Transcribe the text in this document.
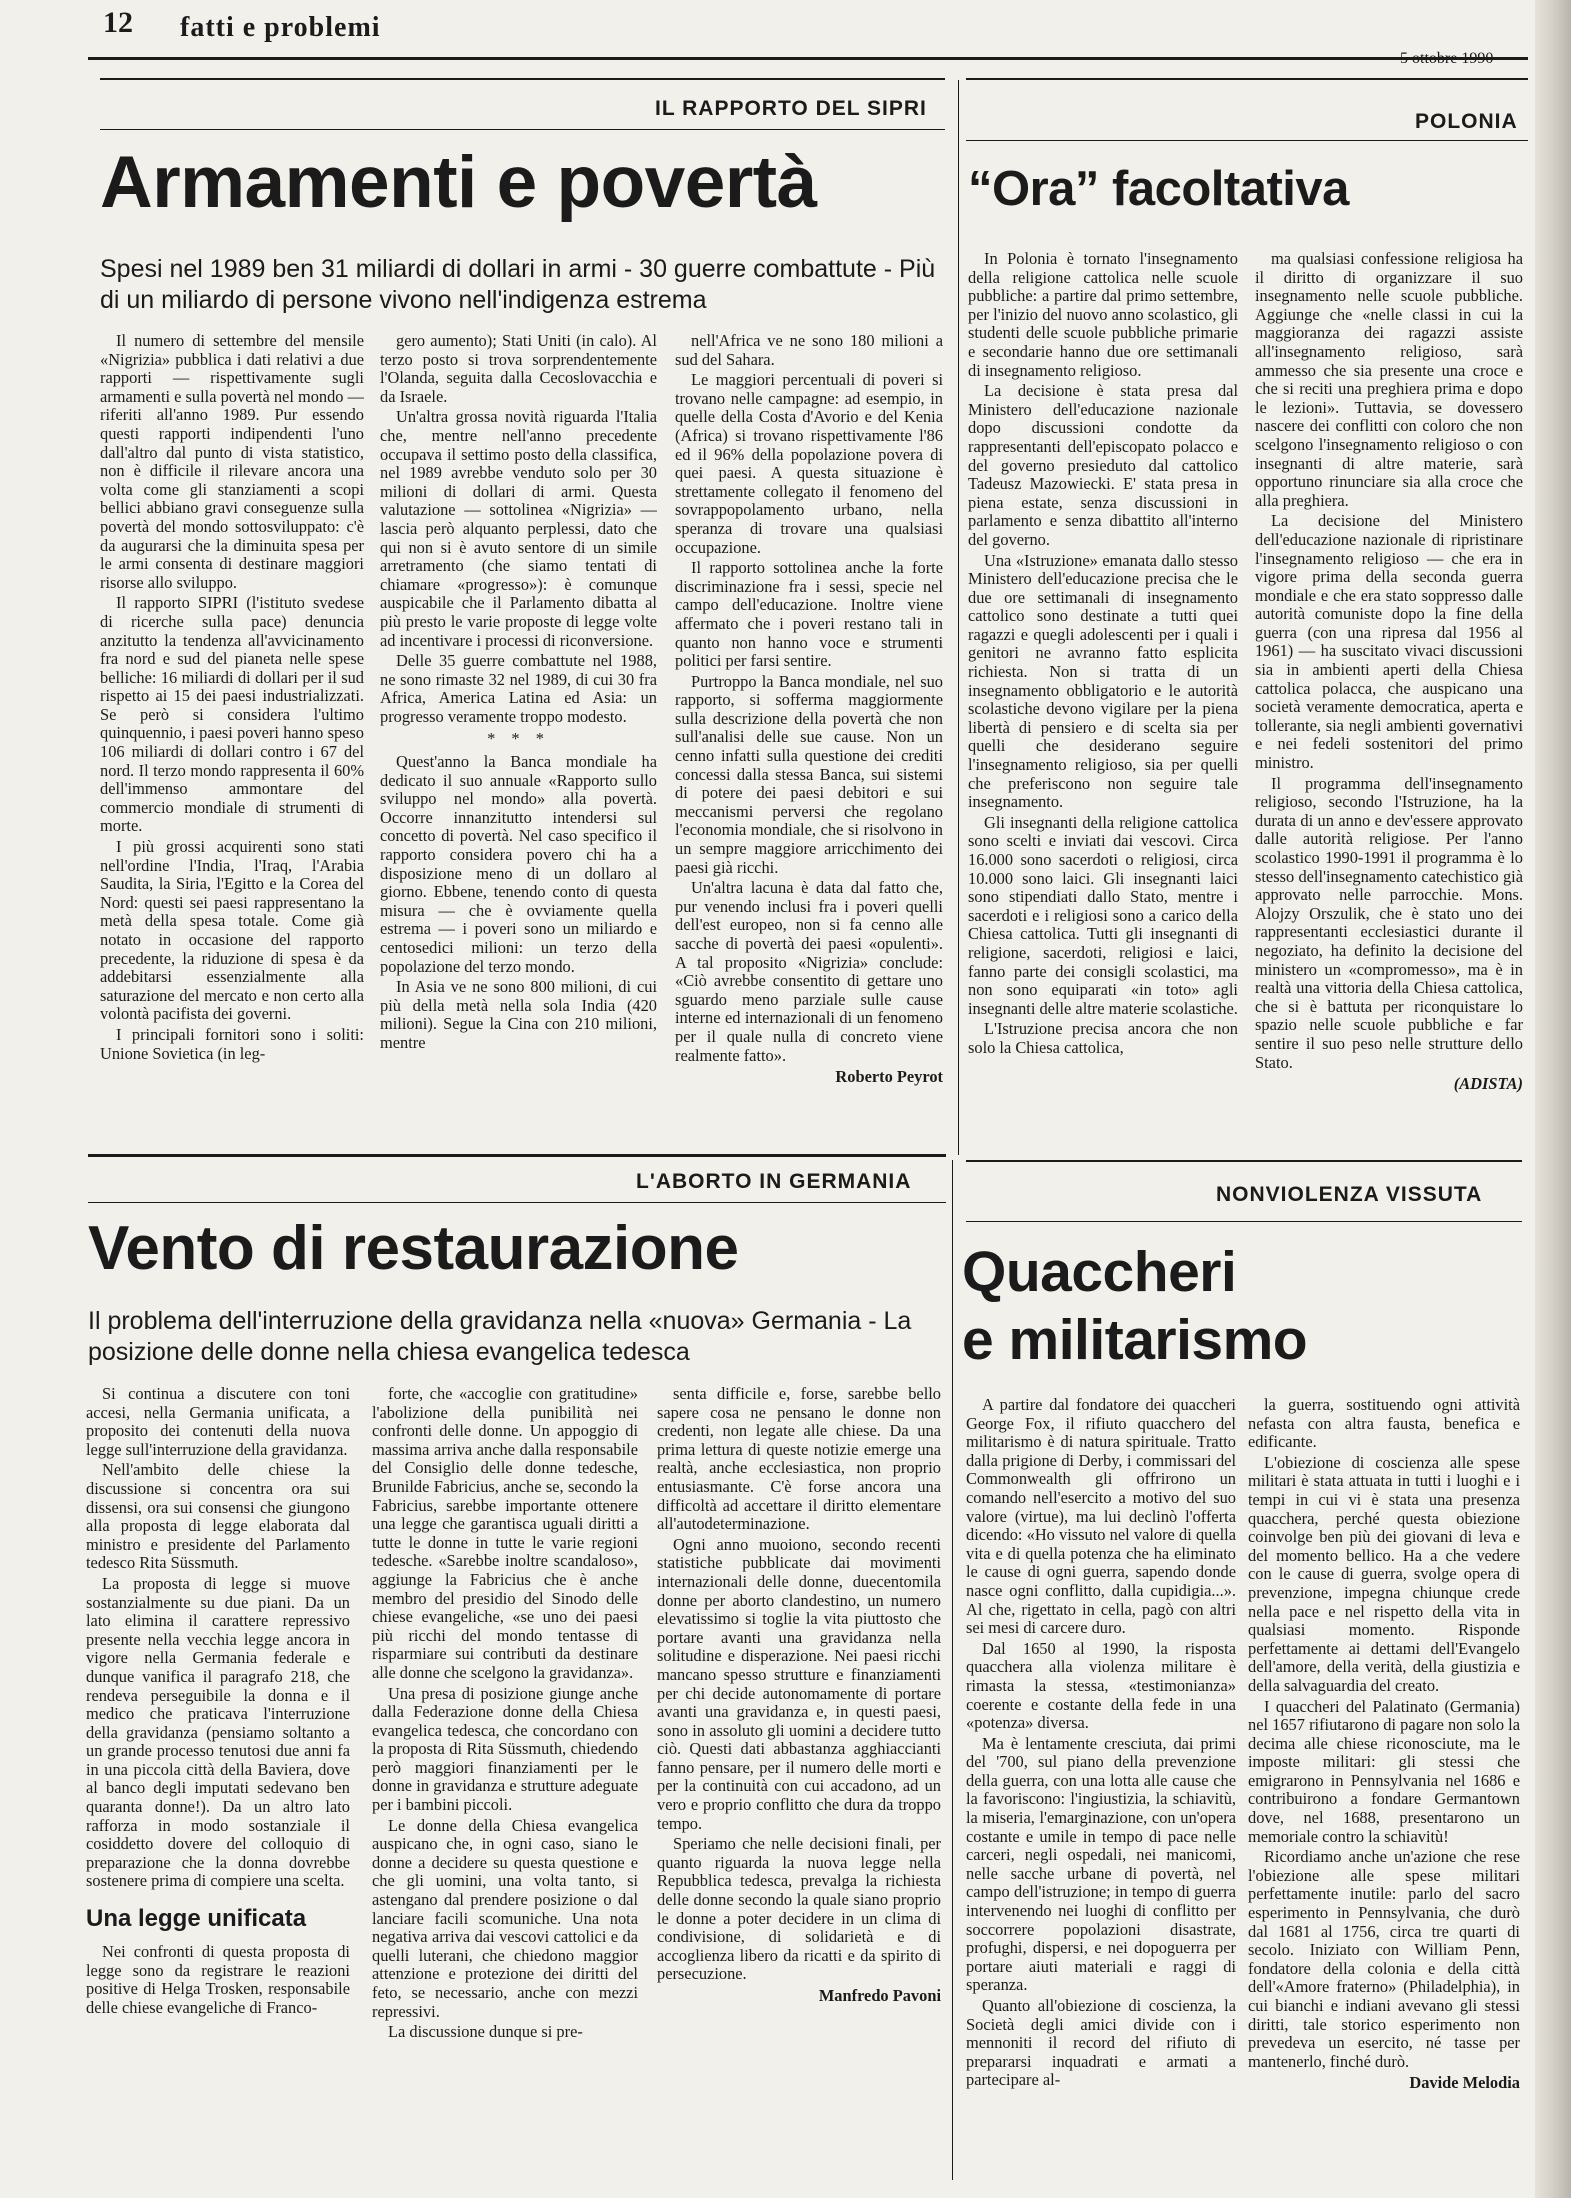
12 fatti e problemi
5 ottobre 1990
IL RAPPORTO DEL SIPRI
Armamenti e povertà
Spesi nel 1989 ben 31 miliardi di dollari in armi - 30 guerre combattute - Più di un miliardo di persone vivono nell'indigenza estrema

Il numero di settembre del mensile «Nigrizia» pubblica i dati relativi a due rapporti — rispettivamente sugli armamenti e sulla povertà nel mondo — riferiti all'anno 1989. Pur essendo questi rapporti indipendenti l'uno dall'altro dal punto di vista statistico, non è difficile il rilevare ancora una volta come gli stanziamenti a scopi bellici abbiano gravi conseguenze sulla povertà del mondo sottosviluppato: c'è da augurarsi che la diminuita spesa per le armi consenta di destinare maggiori risorse allo sviluppo.

Il rapporto SIPRI (l'istituto svedese di ricerche sulla pace) denuncia anzitutto la tendenza all'avvicinamento fra nord e sud del pianeta nelle spese belliche: 16 miliardi di dollari per il sud rispetto ai 15 dei paesi industrializzati. Se però si considera l'ultimo quinquennio, i paesi poveri hanno speso 106 miliardi di dollari contro i 67 del nord. Il terzo mondo rappresenta il 60% dell'immenso ammontare del commercio mondiale di strumenti di morte.

I più grossi acquirenti sono stati nell'ordine l'India, l'Iraq, l'Arabia Saudita, la Siria, l'Egitto e la Corea del Nord: questi sei paesi rappresentano la metà della spesa totale. Come già notato in occasione del rapporto precedente, la riduzione di spesa è da addebitarsi essenzialmente alla saturazione del mercato e non certo alla volontà pacifista dei governi.

I principali fornitori sono i soliti: Unione Sovietica (in leg-

gero aumento); Stati Uniti (in calo). Al terzo posto si trova sorprendentemente l'Olanda, seguita dalla Cecoslovacchia e da Israele.

Un'altra grossa novità riguarda l'Italia che, mentre nell'anno precedente occupava il settimo posto della classifica, nel 1989 avrebbe venduto solo per 30 milioni di dollari di armi. Questa valutazione — sottolinea «Nigrizia» — lascia però alquanto perplessi, dato che qui non si è avuto sentore di un simile arretramento (che siamo tentati di chiamare «progresso»): è comunque auspicabile che il Parlamento dibatta al più presto le varie proposte di legge volte ad incentivare i processi di riconversione.

Delle 35 guerre combattute nel 1988, ne sono rimaste 32 nel 1989, di cui 30 fra Africa, America Latina ed Asia: un progresso veramente troppo modesto.

* * *

Quest'anno la Banca mondiale ha dedicato il suo annuale «Rapporto sullo sviluppo nel mondo» alla povertà. Occorre innanzitutto intendersi sul concetto di povertà. Nel caso specifico il rapporto considera povero chi ha a disposizione meno di un dollaro al giorno. Ebbene, tenendo conto di questa misura — che è ovviamente quella estrema — i poveri sono un miliardo e centosedici milioni: un terzo della popolazione del terzo mondo.

In Asia ve ne sono 800 milioni, di cui più della metà nella sola India (420 milioni). Segue la Cina con 210 milioni, mentre

nell'Africa ve ne sono 180 milioni a sud del Sahara.

Le maggiori percentuali di poveri si trovano nelle campagne: ad esempio, in quelle della Costa d'Avorio e del Kenia (Africa) si trovano rispettivamente l'86 ed il 96% della popolazione povera di quei paesi. A questa situazione è strettamente collegato il fenomeno del sovrappopolamento urbano, nella speranza di trovare una qualsiasi occupazione.

Il rapporto sottolinea anche la forte discriminazione fra i sessi, specie nel campo dell'educazione. Inoltre viene affermato che i poveri restano tali in quanto non hanno voce e strumenti politici per farsi sentire.

Purtroppo la Banca mondiale, nel suo rapporto, si sofferma maggiormente sulla descrizione della povertà che non sull'analisi delle sue cause. Non un cenno infatti sulla questione dei crediti concessi dalla stessa Banca, sui sistemi di potere dei paesi debitori e sui meccanismi perversi che regolano l'economia mondiale, che si risolvono in un sempre maggiore arricchimento dei paesi già ricchi.

Un'altra lacuna è data dal fatto che, pur venendo inclusi fra i poveri quelli dell'est europeo, non si fa cenno alle sacche di povertà dei paesi «opulenti». A tal proposito «Nigrizia» conclude: «Ciò avrebbe consentito di gettare uno sguardo meno parziale sulle cause interne ed internazionali di un fenomeno per il quale nulla di concreto viene realmente fatto».

Roberto Peyrot

POLONIA
“Ora” facoltativa

In Polonia è tornato l'insegnamento della religione cattolica nelle scuole pubbliche: a partire dal primo settembre, per l'inizio del nuovo anno scolastico, gli studenti delle scuole pubbliche primarie e secondarie hanno due ore settimanali di insegnamento religioso.

La decisione è stata presa dal Ministero dell'educazione nazionale dopo discussioni condotte da rappresentanti dell'episcopato polacco e del governo presieduto dal cattolico Tadeusz Mazowiecki. E' stata presa in piena estate, senza discussioni in parlamento e senza dibattito all'interno del governo.

Una «Istruzione» emanata dallo stesso Ministero dell'educazione precisa che le due ore settimanali di insegnamento cattolico sono destinate a tutti quei ragazzi e quegli adolescenti per i quali i genitori ne avranno fatto esplicita richiesta. Non si tratta di un insegnamento obbligatorio e le autorità scolastiche devono vigilare per la piena libertà di pensiero e di scelta sia per quelli che desiderano seguire l'insegnamento religioso, sia per quelli che preferiscono non seguire tale insegnamento.

Gli insegnanti della religione cattolica sono scelti e inviati dai vescovi. Circa 16.000 sono sacerdoti o religiosi, circa 10.000 sono laici. Gli insegnanti laici sono stipendiati dallo Stato, mentre i sacerdoti e i religiosi sono a carico della Chiesa cattolica. Tutti gli insegnanti di religione, sacerdoti, religiosi e laici, fanno parte dei consigli scolastici, ma non sono equiparati «in toto» agli insegnanti delle altre materie scolastiche.

L'Istruzione precisa ancora che non solo la Chiesa cattolica,

ma qualsiasi confessione religiosa ha il diritto di organizzare il suo insegnamento nelle scuole pubbliche. Aggiunge che «nelle classi in cui la maggioranza dei ragazzi assiste all'insegnamento religioso, sarà ammesso che sia presente una croce e che si reciti una preghiera prima e dopo le lezioni». Tuttavia, se dovessero nascere dei conflitti con coloro che non scelgono l'insegnamento religioso o con insegnanti di altre materie, sarà opportuno rinunciare sia alla croce che alla preghiera.

La decisione del Ministero dell'educazione nazionale di ripristinare l'insegnamento religioso — che era in vigore prima della seconda guerra mondiale e che era stato soppresso dalle autorità comuniste dopo la fine della guerra (con una ripresa dal 1956 al 1961) — ha suscitato vivaci discussioni sia in ambienti aperti della Chiesa cattolica polacca, che auspicano una società veramente democratica, aperta e tollerante, sia negli ambienti governativi e nei fedeli sostenitori del primo ministro.

Il programma dell'insegnamento religioso, secondo l'Istruzione, ha la durata di un anno e dev'essere approvato dalle autorità religiose. Per l'anno scolastico 1990-1991 il programma è lo stesso dell'insegnamento catechistico già approvato nelle parrocchie. Mons. Alojzy Orszulik, che è stato uno dei rappresentanti ecclesiastici durante il negoziato, ha definito la decisione del ministero un «compromesso», ma è in realtà una vittoria della Chiesa cattolica, che si è battuta per riconquistare lo spazio nelle scuole pubbliche e far sentire il suo peso nelle strutture dello Stato.

(ADISTA)

L'ABORTO IN GERMANIA
Vento di restaurazione
Il problema dell'interruzione della gravidanza nella «nuova» Germania - La posizione delle donne nella chiesa evangelica tedesca

Si continua a discutere con toni accesi, nella Germania unificata, a proposito dei contenuti della nuova legge sull'interruzione della gravidanza.

Nell'ambito delle chiese la discussione si concentra ora sui dissensi, ora sui consensi che giungono alla proposta di legge elaborata dal ministro e presidente del Parlamento tedesco Rita Süssmuth.

La proposta di legge si muove sostanzialmente su due piani. Da un lato elimina il carattere repressivo presente nella vecchia legge ancora in vigore nella Germania federale e dunque vanifica il paragrafo 218, che rendeva perseguibile la donna e il medico che praticava l'interruzione della gravidanza (pensiamo soltanto a un grande processo tenutosi due anni fa in una piccola città della Baviera, dove al banco degli imputati sedevano ben quaranta donne!). Da un altro lato rafforza in modo sostanziale il cosiddetto dovere del colloquio di preparazione che la donna dovrebbe sostenere prima di compiere una scelta.

Una legge unificata

Nei confronti di questa proposta di legge sono da registrare le reazioni positive di Helga Trosken, responsabile delle chiese evangeliche di Franco-

forte, che «accoglie con gratitudine» l'abolizione della punibilità nei confronti delle donne. Un appoggio di massima arriva anche dalla responsabile del Consiglio delle donne tedesche, Brunilde Fabricius, anche se, secondo la Fabricius, sarebbe importante ottenere una legge che garantisca uguali diritti a tutte le donne in tutte le varie regioni tedesche. «Sarebbe inoltre scandaloso», aggiunge la Fabricius che è anche membro del presidio del Sinodo delle chiese evangeliche, «se uno dei paesi più ricchi del mondo tentasse di risparmiare sui contributi da destinare alle donne che scelgono la gravidanza».

Una presa di posizione giunge anche dalla Federazione donne della Chiesa evangelica tedesca, che concordano con la proposta di Rita Süssmuth, chiedendo però maggiori finanziamenti per le donne in gravidanza e strutture adeguate per i bambini piccoli.

Le donne della Chiesa evangelica auspicano che, in ogni caso, siano le donne a decidere su questa questione e che gli uomini, una volta tanto, si astengano dal prendere posizione o dal lanciare facili scomuniche. Una nota negativa arriva dai vescovi cattolici e da quelli luterani, che chiedono maggior attenzione e protezione dei diritti del feto, se necessario, anche con mezzi repressivi.

La discussione dunque si pre-

senta difficile e, forse, sarebbe bello sapere cosa ne pensano le donne non credenti, non legate alle chiese. Da una prima lettura di queste notizie emerge una realtà, anche ecclesiastica, non proprio entusiasmante. C'è forse ancora una difficoltà ad accettare il diritto elementare all'autodeterminazione.

Ogni anno muoiono, secondo recenti statistiche pubblicate dai movimenti internazionali delle donne, duecentomila donne per aborto clandestino, un numero elevatissimo si toglie la vita piuttosto che portare avanti una gravidanza nella solitudine e disperazione. Nei paesi ricchi mancano spesso strutture e finanziamenti per chi decide autonomamente di portare avanti una gravidanza e, in questi paesi, sono in assoluto gli uomini a decidere tutto ciò. Questi dati abbastanza agghiaccianti fanno pensare, per il numero delle morti e per la continuità con cui accadono, ad un vero e proprio conflitto che dura da troppo tempo.

Speriamo che nelle decisioni finali, per quanto riguarda la nuova legge nella Repubblica tedesca, prevalga la richiesta delle donne secondo la quale siano proprio le donne a poter decidere in un clima di condivisione, di solidarietà e di accoglienza libero da ricatti e da spirito di persecuzione.

Manfredo Pavoni

NONVIOLENZA VISSUTA
Quaccheri
e militarismo

A partire dal fondatore dei quaccheri George Fox, il rifiuto quacchero del militarismo è di natura spirituale. Tratto dalla prigione di Derby, i commissari del Commonwealth gli offrirono un comando nell'esercito a motivo del suo valore (virtue), ma lui declinò l'offerta dicendo: «Ho vissuto nel valore di quella vita e di quella potenza che ha eliminato le cause di ogni guerra, sapendo donde nasce ogni conflitto, dalla cupidigia...». Al che, rigettato in cella, pagò con altri sei mesi di carcere duro.

Dal 1650 al 1990, la risposta quacchera alla violenza militare è rimasta la stessa, «testimonianza» coerente e costante della fede in una «potenza» diversa.

Ma è lentamente cresciuta, dai primi del '700, sul piano della prevenzione della guerra, con una lotta alle cause che la favoriscono: l'ingiustizia, la schiavitù, la miseria, l'emarginazione, con un'opera costante e umile in tempo di pace nelle carceri, negli ospedali, nei manicomi, nelle sacche urbane di povertà, nel campo dell'istruzione; in tempo di guerra intervenendo nei luoghi di conflitto per soccorrere popolazioni disastrate, profughi, dispersi, e nei dopoguerra per portare aiuti materiali e raggi di speranza.

Quanto all'obiezione di coscienza, la Società degli amici divide con i mennoniti il record del rifiuto di prepararsi inquadrati e armati a partecipare al-

la guerra, sostituendo ogni attività nefasta con altra fausta, benefica e edificante.

L'obiezione di coscienza alle spese militari è stata attuata in tutti i luoghi e i tempi in cui vi è stata una presenza quacchera, perché questa obiezione coinvolge ben più dei giovani di leva e del momento bellico. Ha a che vedere con le cause di guerra, svolge opera di prevenzione, impegna chiunque crede nella pace e nel rispetto della vita in qualsiasi momento. Risponde perfettamente ai dettami dell'Evangelo dell'amore, della verità, della giustizia e della salvaguardia del creato.

I quaccheri del Palatinato (Germania) nel 1657 rifiutarono di pagare non solo la decima alle chiese riconosciute, ma le imposte militari: gli stessi che emigrarono in Pennsylvania nel 1686 e contribuirono a fondare Germantown dove, nel 1688, presentarono un memoriale contro la schiavitù!

Ricordiamo anche un'azione che rese l'obiezione alle spese militari perfettamente inutile: parlo del sacro esperimento in Pennsylvania, che durò dal 1681 al 1756, circa tre quarti di secolo. Iniziato con William Penn, fondatore della colonia e della città dell'«Amore fraterno» (Philadelphia), in cui bianchi e indiani avevano gli stessi diritti, tale storico esperimento non prevedeva un esercito, né tasse per mantenerlo, finché durò.

Davide Melodia
